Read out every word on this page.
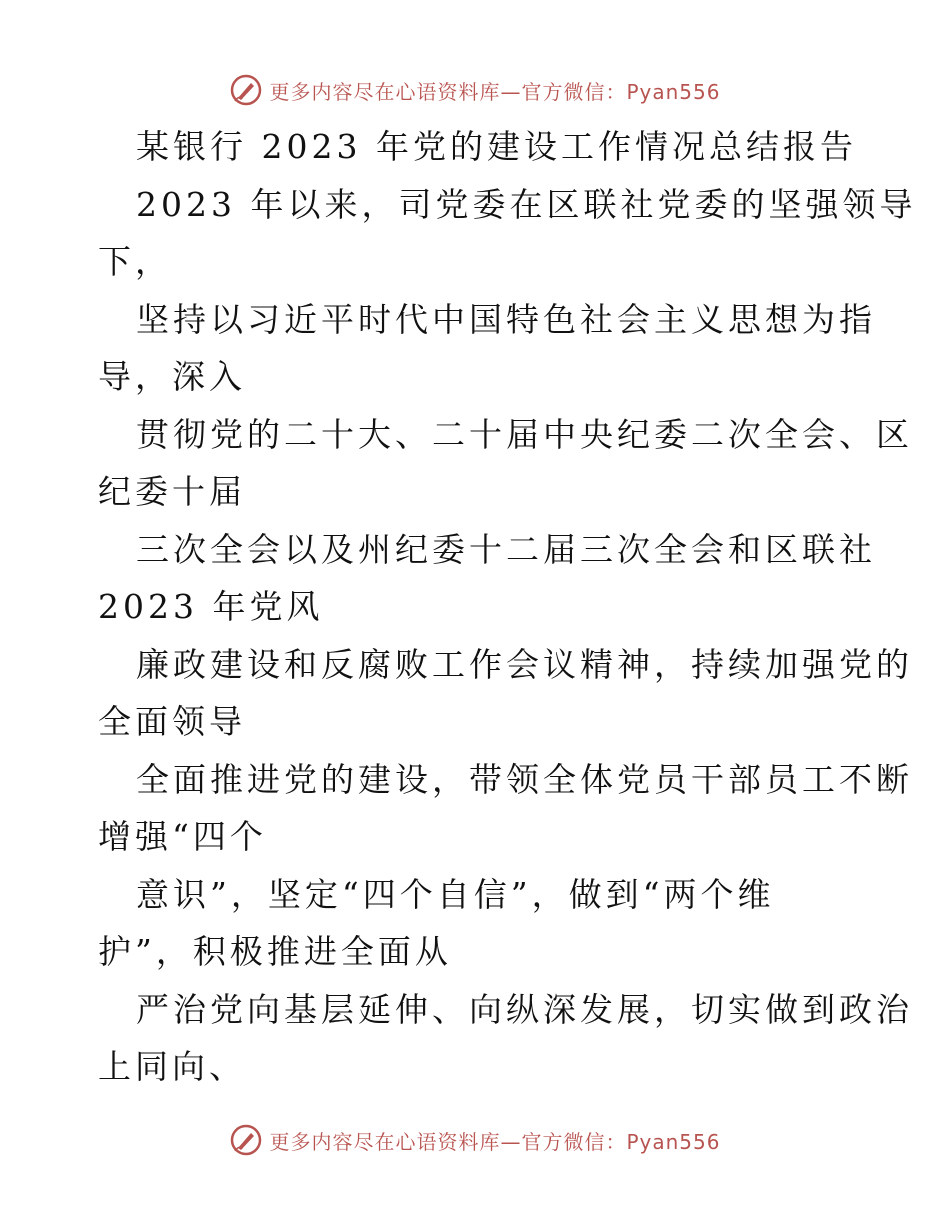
更多内容尽在心语资料库—官方微信：Pyan556
某银行 2023 年党的建设工作情况总结报告
2023 年以来，司党委在区联社党委的坚强领导
下，
坚持以习近平时代中国特色社会主义思想为指
导，深入
贯彻党的二十大、二十届中央纪委二次全会、区
纪委十届
三次全会以及州纪委十二届三次全会和区联社
2023 年党风
廉政建设和反腐败工作会议精神，持续加强党的
全面领导
全面推进党的建设，带领全体党员干部员工不断
增强“四个
意识”，坚定“四个自信”，做到“两个维
护”，积极推进全面从
严治党向基层延伸、向纵深发展，切实做到政治
上同向、
更多内容尽在心语资料库—官方微信：Pyan556
